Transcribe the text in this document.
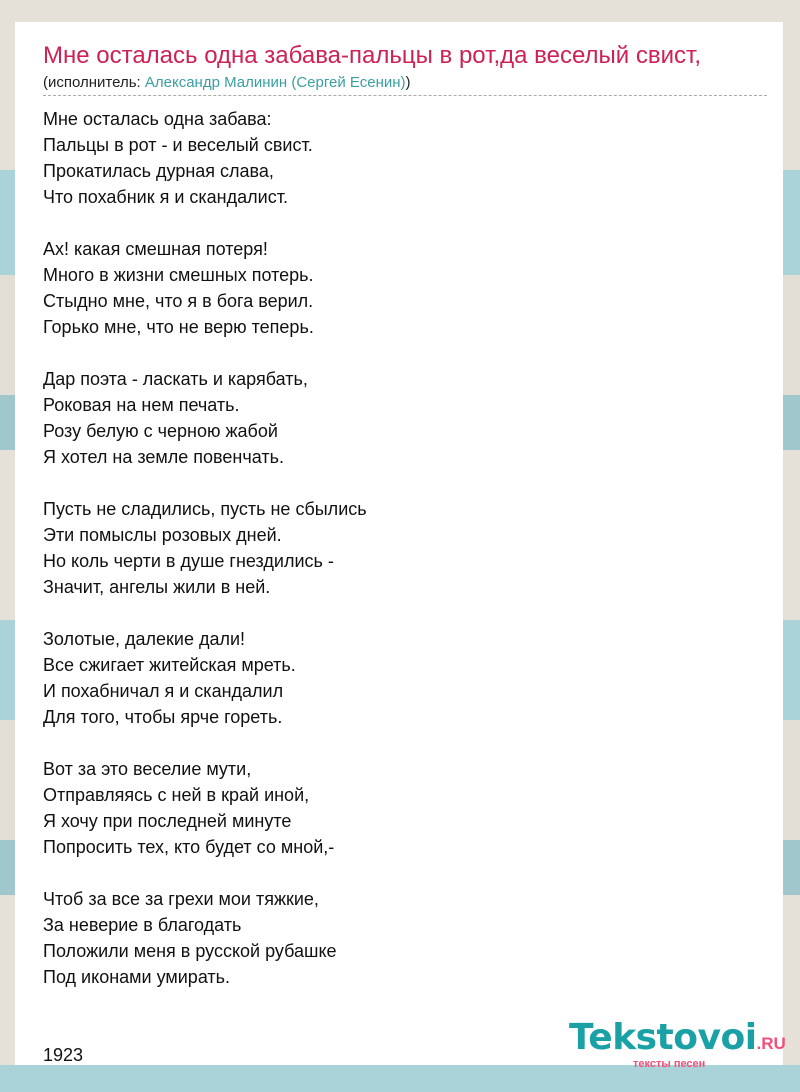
Мне осталась одна забава-пальцы в рот,да веселый свист,
(исполнитель: Александр Малинин (Сергей Есенин))
Мне осталась одна забава:
Пальцы в рот - и веселый свист.
Прокатилась дурная слава,
Что похабник я и скандалист.

Ах! какая смешная потеря!
Много в жизни смешных потерь.
Стыдно мне, что я в бога верил.
Горько мне, что не верю теперь.

Дар поэта - ласкать и карябать,
Роковая на нем печать.
Розу белую с черною жабой
Я хотел на земле повенчать.

Пусть не сладились, пусть не сбылись
Эти помыслы розовых дней.
Но коль черти в душе гнездились -
Значит, ангелы жили в ней.

Золотые, далекие дали!
Все сжигает житейская мреть.
И похабничал я и скандалил
Для того, чтобы ярче гореть.

Вот за это веселие мути,
Отправляясь с ней в край иной,
Я хочу при последней минуте
Попросить тех, кто будет со мной,-

Чтоб за все за грехи мои тяжкие,
За неверие в благодать
Положили меня в русской рубашке
Под иконами умирать.

1923	Tekstovoi.RU
тексты песен
